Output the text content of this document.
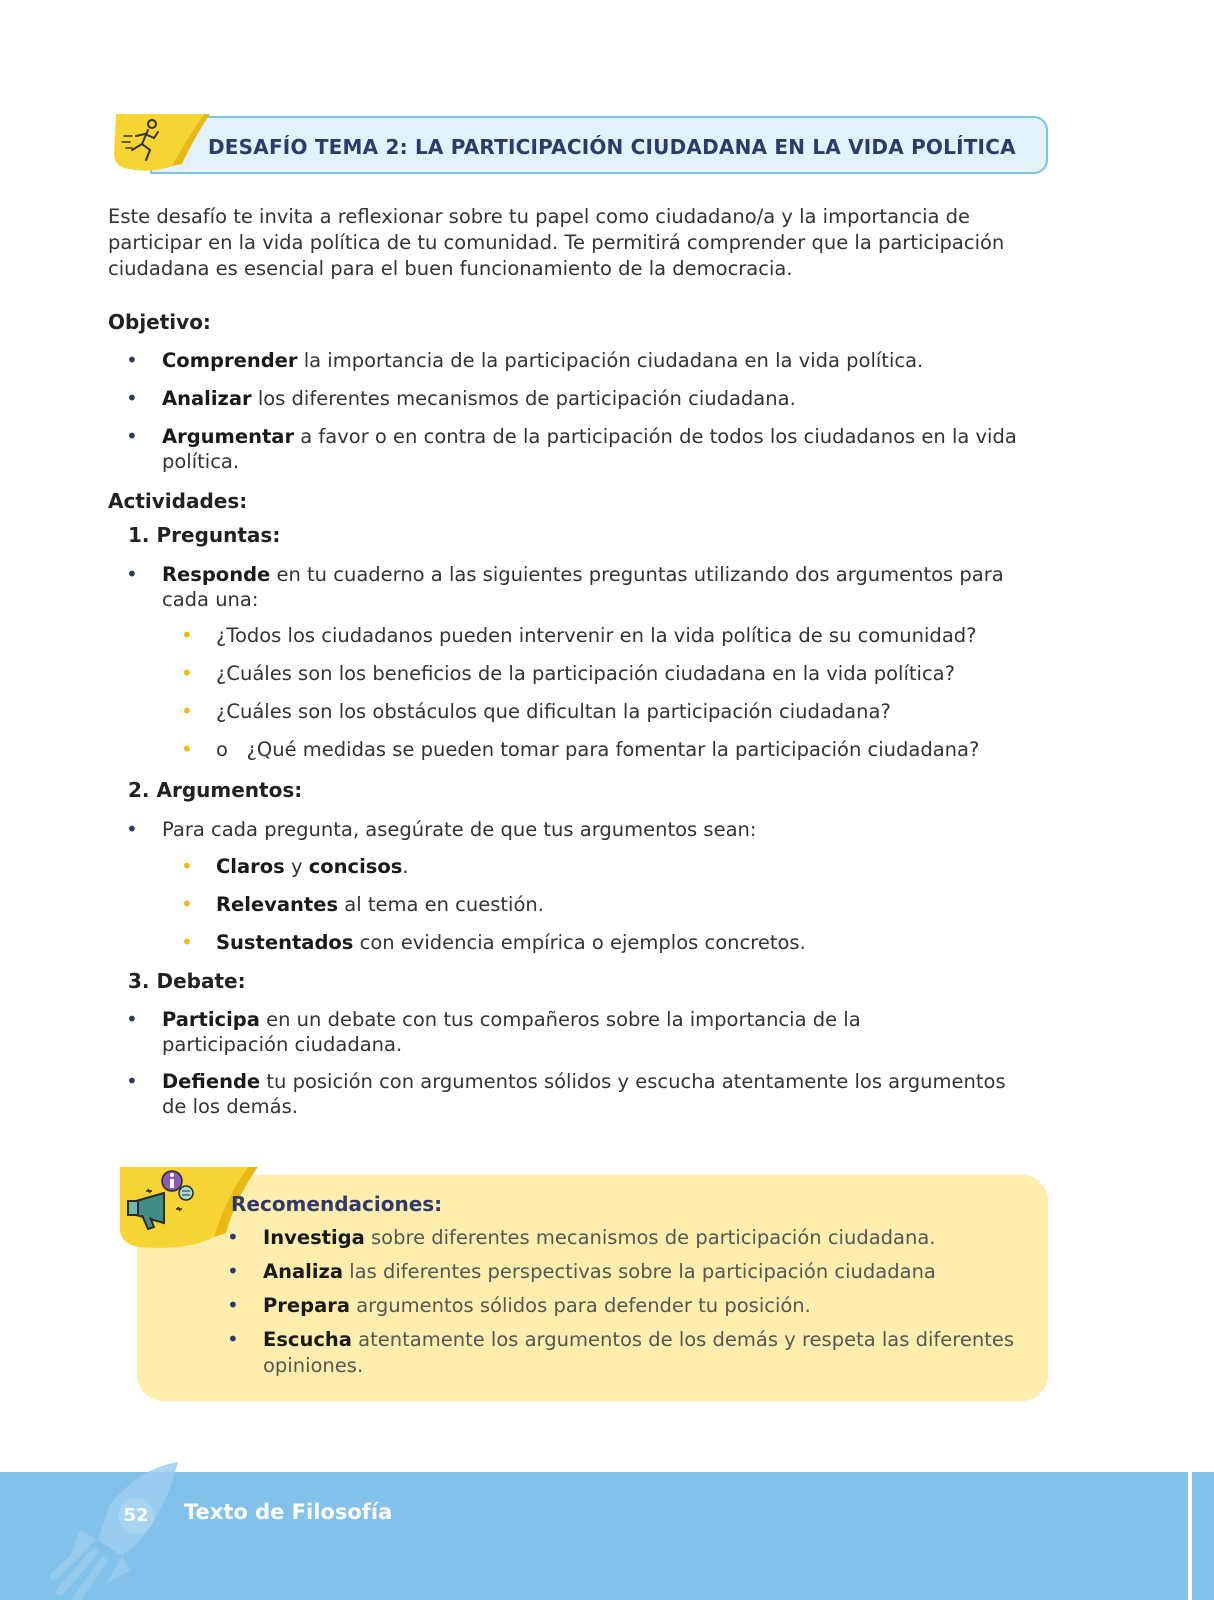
DESAFÍO TEMA 2: LA PARTICIPACIÓN CIUDADANA EN LA VIDA POLÍTICA
Este desafío te invita a reflexionar sobre tu papel como ciudadano/a y la importancia de participar en la vida política de tu comunidad. Te permitirá comprender que la participación ciudadana es esencial para el buen funcionamiento de la democracia.
Objetivo:
• Comprender la importancia de la participación ciudadana en la vida política.
• Analizar los diferentes mecanismos de participación ciudadana.
• Argumentar a favor o en contra de la participación de todos los ciudadanos en la vida política.
Actividades:
1. Preguntas:
• Responde en tu cuaderno a las siguientes preguntas utilizando dos argumentos para cada una:
• ¿Todos los ciudadanos pueden intervenir en la vida política de su comunidad?
• ¿Cuáles son los beneficios de la participación ciudadana en la vida política?
• ¿Cuáles son los obstáculos que dificultan la participación ciudadana?
• o   ¿Qué medidas se pueden tomar para fomentar la participación ciudadana?
2. Argumentos:
• Para cada pregunta, asegúrate de que tus argumentos sean:
• Claros y concisos.
• Relevantes al tema en cuestión.
• Sustentados con evidencia empírica o ejemplos concretos.
3. Debate:
• Participa en un debate con tus compañeros sobre la importancia de la participación ciudadana.
• Defiende tu posición con argumentos sólidos y escucha atentamente los argumentos de los demás.
Recomendaciones:
• Investiga sobre diferentes mecanismos de participación ciudadana.
• Analiza las diferentes perspectivas sobre la participación ciudadana
• Prepara argumentos sólidos para defender tu posición.
• Escucha atentamente los argumentos de los demás y respeta las diferentes opiniones.
52 Texto de Filosofía
